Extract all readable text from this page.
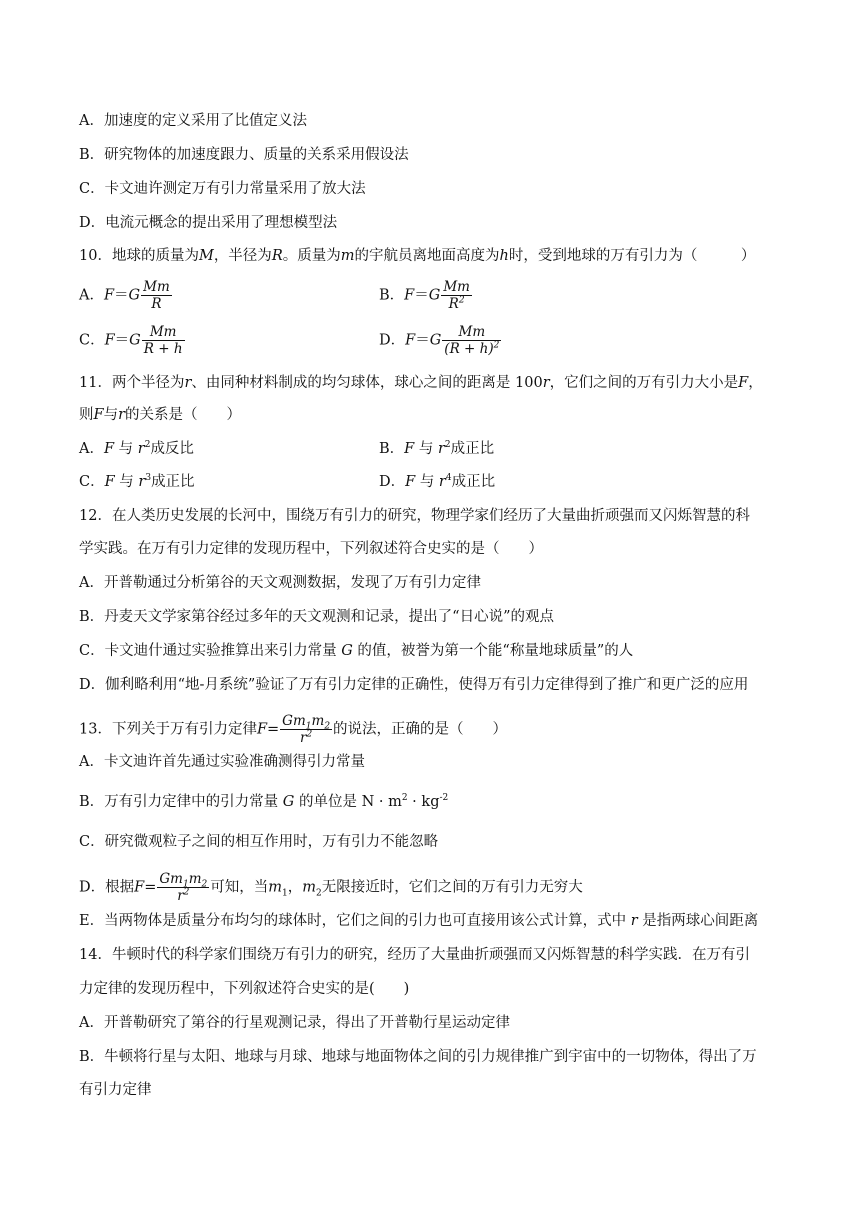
A．加速度的定义采用了比值定义法
B．研究物体的加速度跟力、质量的关系采用假设法
C．卡文迪许测定万有引力常量采用了放大法
D．电流元概念的提出采用了理想模型法
10．地球的质量为M，半径为R。质量为m的宇航员离地面高度为h时，受到地球的万有引力为（　　　）
A．$F=G \frac{Mm}{R}$	B．$F=G \frac{Mm}{R^2}$
C．$F=G \frac{Mm}{R + h}$	D．$F=G \frac{Mm}{(R + h)^2}$
11．两个半径为r、由同种材料制成的均匀球体，球心之间的距离是 100r，它们之间的万有引力大小是F，
则F与r的关系是（　　）
A．F 与 $r^2$成反比	B．F 与 $r^2$成正比
C．F 与 $r^3$成正比	D．F 与 $r^4$成正比
12．在人类历史发展的长河中，围绕万有引力的研究，物理学家们经历了大量曲折顽强而又闪烁智慧的科
学实践。在万有引力定律的发现历程中，下列叙述符合史实的是（　　）
A．开普勒通过分析第谷的天文观测数据，发现了万有引力定律
B．丹麦天文学家第谷经过多年的天文观测和记录，提出了“日心说”的观点
C．卡文迪什通过实验推算出来引力常量 G 的值，被誉为第一个能“称量地球质量”的人
D．伽利略利用“地-月系统”验证了万有引力定律的正确性，使得万有引力定律得到了推广和更广泛的应用
13．下列关于万有引力定律$F= \frac{Gm_1m_2}{r^2}$ 的说法，正确的是（　　）
A．卡文迪许首先通过实验准确测得引力常量
B．万有引力定律中的引力常量 G 的单位是 $N \cdot m^2 \cdot kg^{-2}$
C．研究微观粒子之间的相互作用时，万有引力不能忽略
D．根据$F= \frac{Gm_1m_2}{r^2}$ 可知，当$m_1$，$m_2$无限接近时，它们之间的万有引力无穷大
E．当两物体是质量分布均匀的球体时，它们之间的引力也可直接用该公式计算，式中 r 是指两球心间距离
14．牛顿时代的科学家们围绕万有引力的研究，经历了大量曲折顽强而又闪烁智慧的科学实践．在万有引
力定律的发现历程中，下列叙述符合史实的是(　　)
A．开普勒研究了第谷的行星观测记录，得出了开普勒行星运动定律
B．牛顿将行星与太阳、地球与月球、地球与地面物体之间的引力规律推广到宇宙中的一切物体，得出了万
有引力定律
